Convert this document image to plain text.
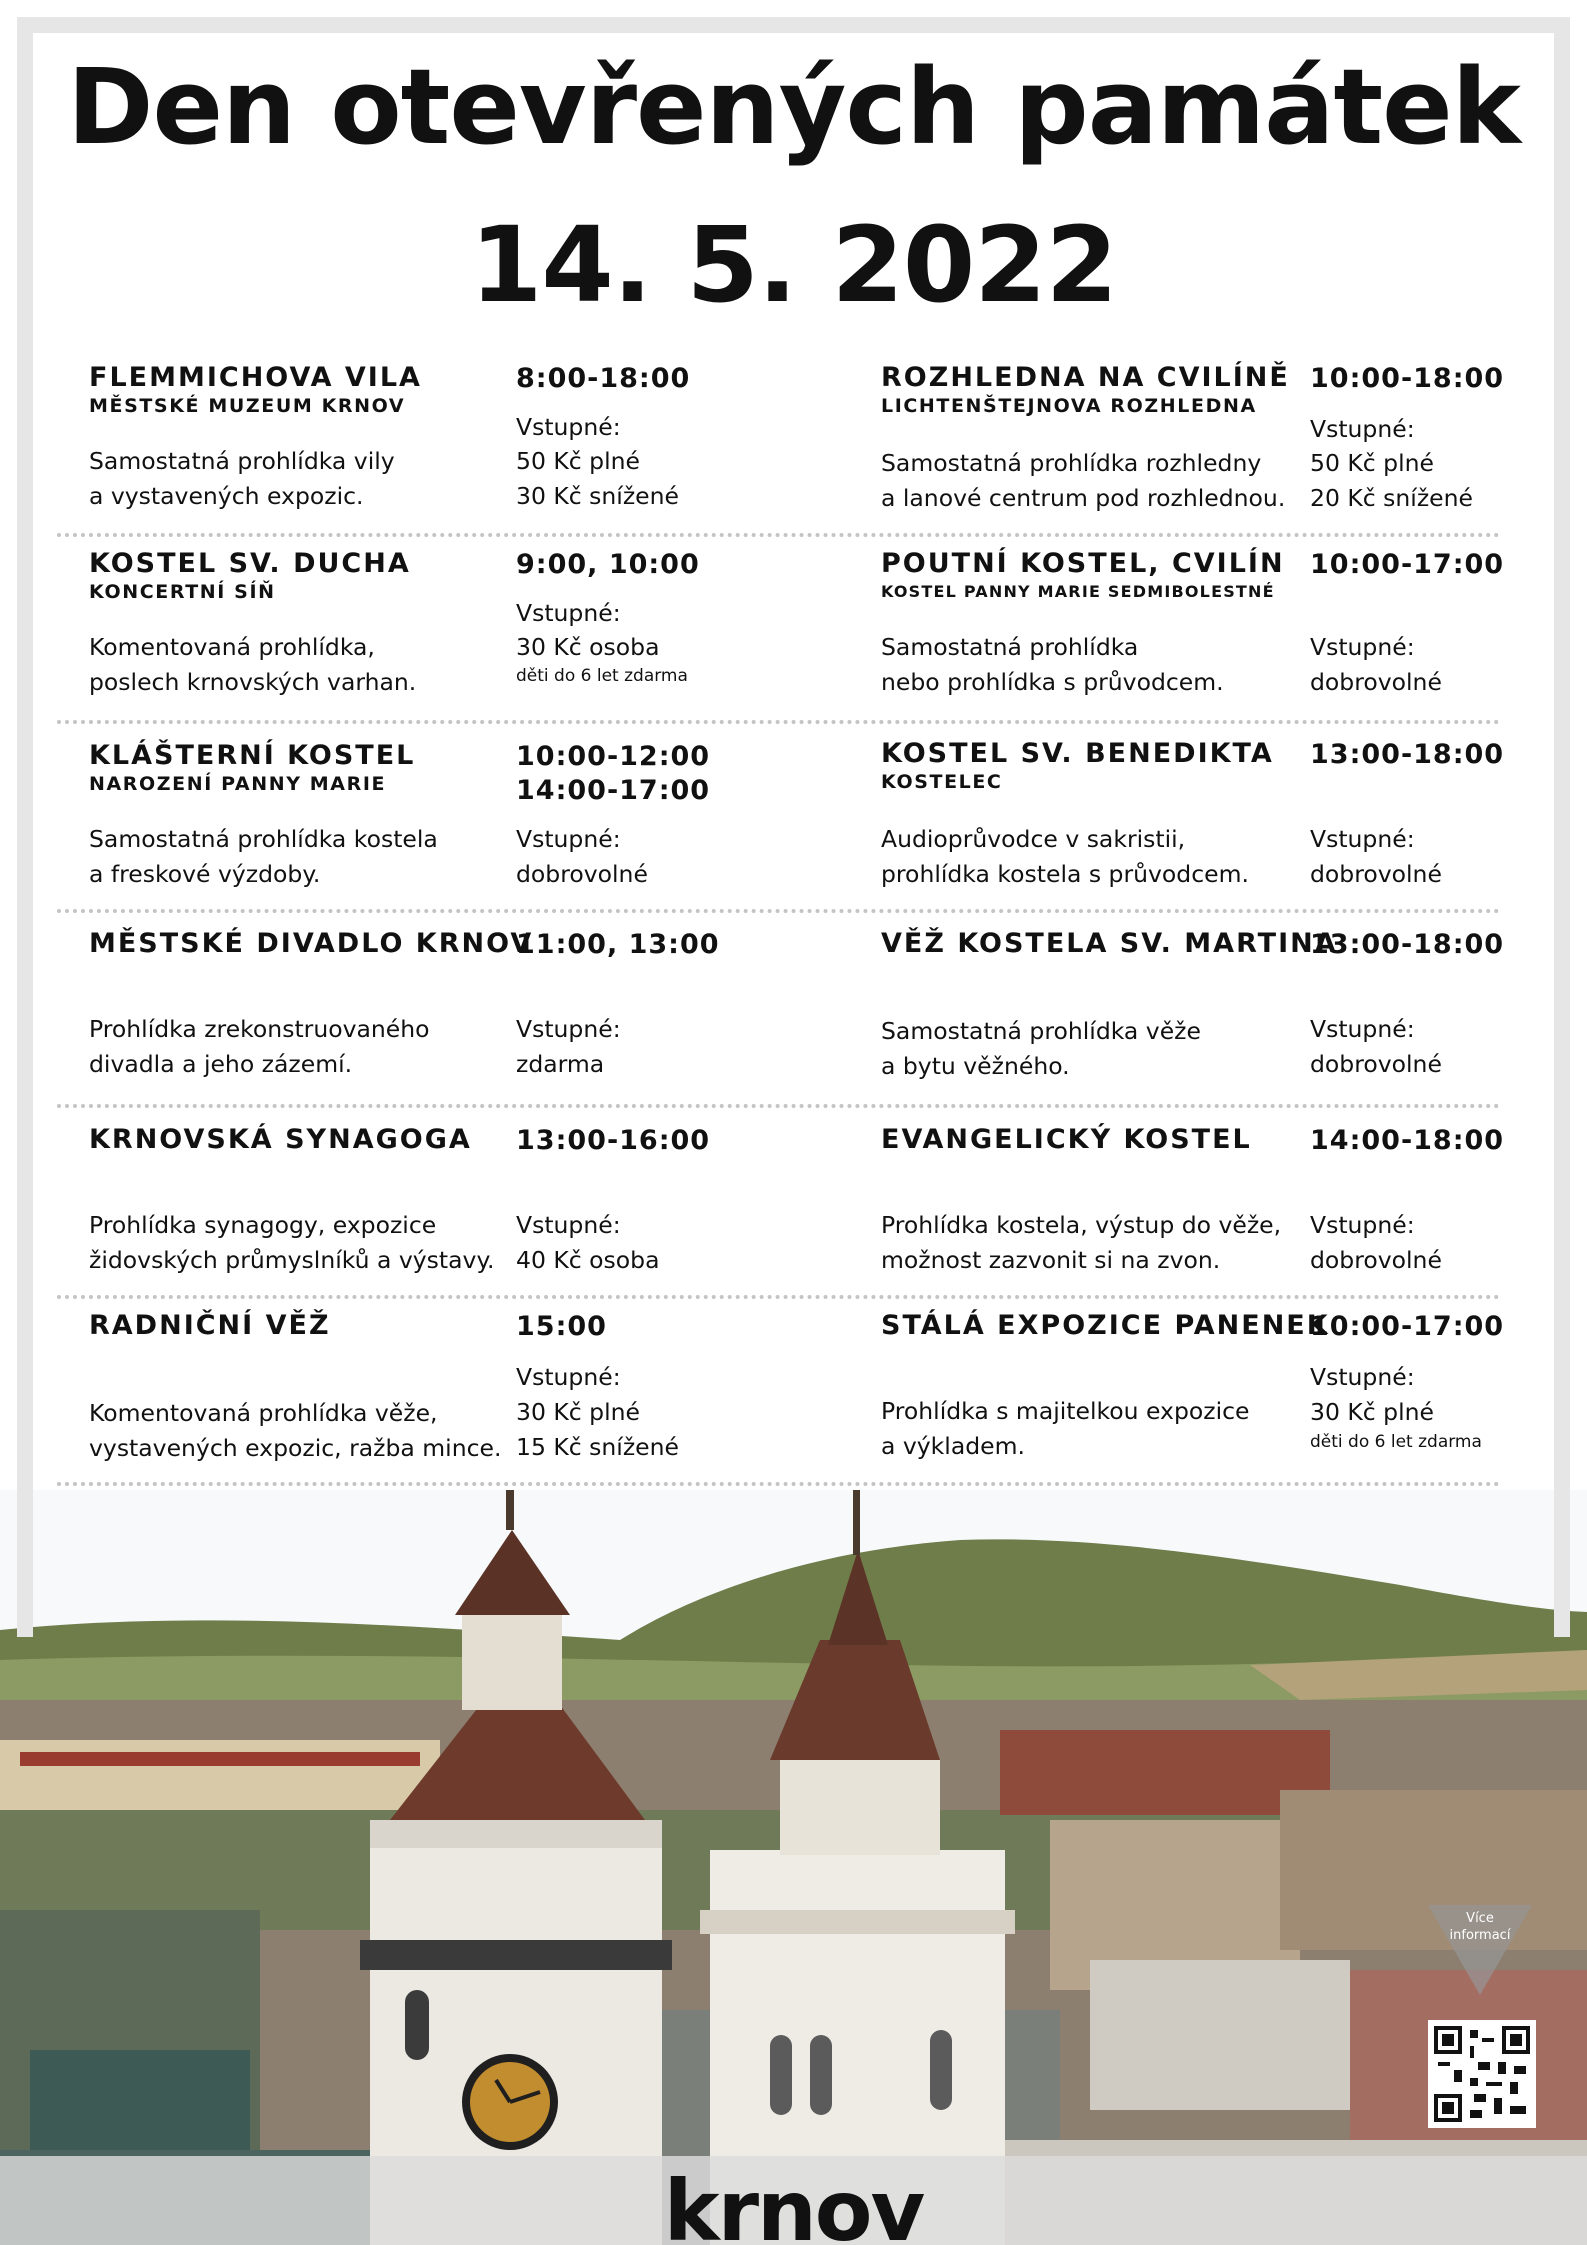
Den otevřených památek
14. 5. 2022
FLEMMICHOVA VILA
MĚSTSKÉ MUZEUM KRNOV
Samostatná prohlídka vily
a vystavených expozic.
8:00-18:00
Vstupné:
50 Kč plné
30 Kč snížené
KOSTEL SV. DUCHA
KONCERTNÍ SÍŇ
Komentovaná prohlídka,
poslech krnovských varhan.
9:00, 10:00
Vstupné:
30 Kč osoba
děti do 6 let zdarma
KLÁŠTERNÍ KOSTEL
NAROZENÍ PANNY MARIE
Samostatná prohlídka kostela
a freskové výzdoby.
10:00-12:00
14:00-17:00
Vstupné:
dobrovolné
MĚSTSKÉ DIVADLO KRNOV
Prohlídka zrekonstruovaného
divadla a jeho zázemí.
11:00, 13:00
Vstupné:
zdarma
KRNOVSKÁ SYNAGOGA
Prohlídka synagogy, expozice
židovských průmyslníků a výstavy.
13:00-16:00
Vstupné:
40 Kč osoba
RADNIČNÍ VĚŽ
Komentovaná prohlídka věže,
vystavených expozic, ražba mince.
15:00
Vstupné:
30 Kč plné
15 Kč snížené
ROZHLEDNA NA CVILÍNĚ
LICHTENŠTEJNOVA ROZHLEDNA
Samostatná prohlídka rozhledny
a lanové centrum pod rozhlednou.
10:00-18:00
Vstupné:
50 Kč plné
20 Kč snížené
POUTNÍ KOSTEL, CVILÍN
KOSTEL PANNY MARIE SEDMIBOLESTNÉ
Samostatná prohlídka
nebo prohlídka s průvodcem.
10:00-17:00
Vstupné:
dobrovolné
KOSTEL SV. BENEDIKTA
KOSTELEC
Audioprůvodce v sakristii,
prohlídka kostela s průvodcem.
13:00-18:00
Vstupné:
dobrovolné
VĚŽ KOSTELA SV. MARTINA
Samostatná prohlídka věže
a bytu věžného.
13:00-18:00
Vstupné:
dobrovolné
EVANGELICKÝ KOSTEL
Prohlídka kostela, výstup do věže,
možnost zazvonit si na zvon.
14:00-18:00
Vstupné:
dobrovolné
STÁLÁ EXPOZICE PANENEK
Prohlídka s majitelkou expozice
a výkladem.
10:00-17:00
Vstupné:
30 Kč plné
děti do 6 let zdarma
Více
informací
krnov
